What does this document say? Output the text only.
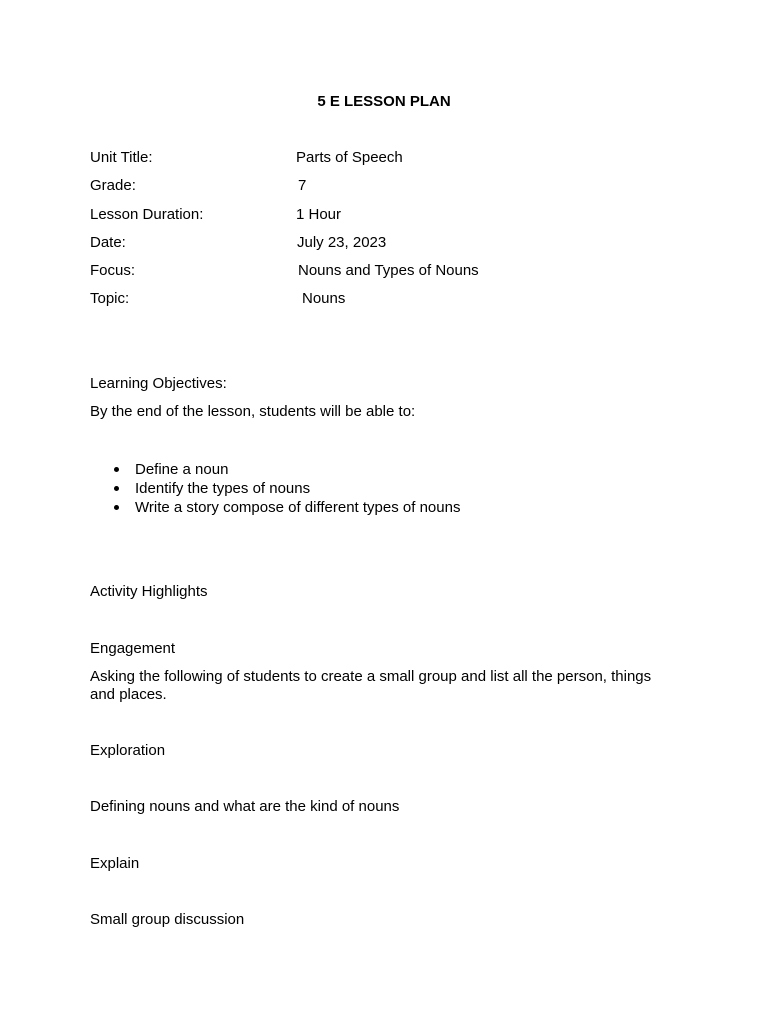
5 E LESSON PLAN
Unit Title:	Parts of Speech
Grade:	7
Lesson Duration:	1 Hour
Date:	July 23, 2023
Focus:	Nouns and Types of Nouns
Topic:	Nouns
Learning Objectives:
By the end of the lesson, students will be able to:
Define a noun
Identify the types of nouns
Write a story compose of different types of nouns
Activity Highlights
Engagement
Asking the following of students to create a small group and list all the person, things and places.
Exploration
Defining nouns and what are the kind of nouns
Explain
Small group discussion
